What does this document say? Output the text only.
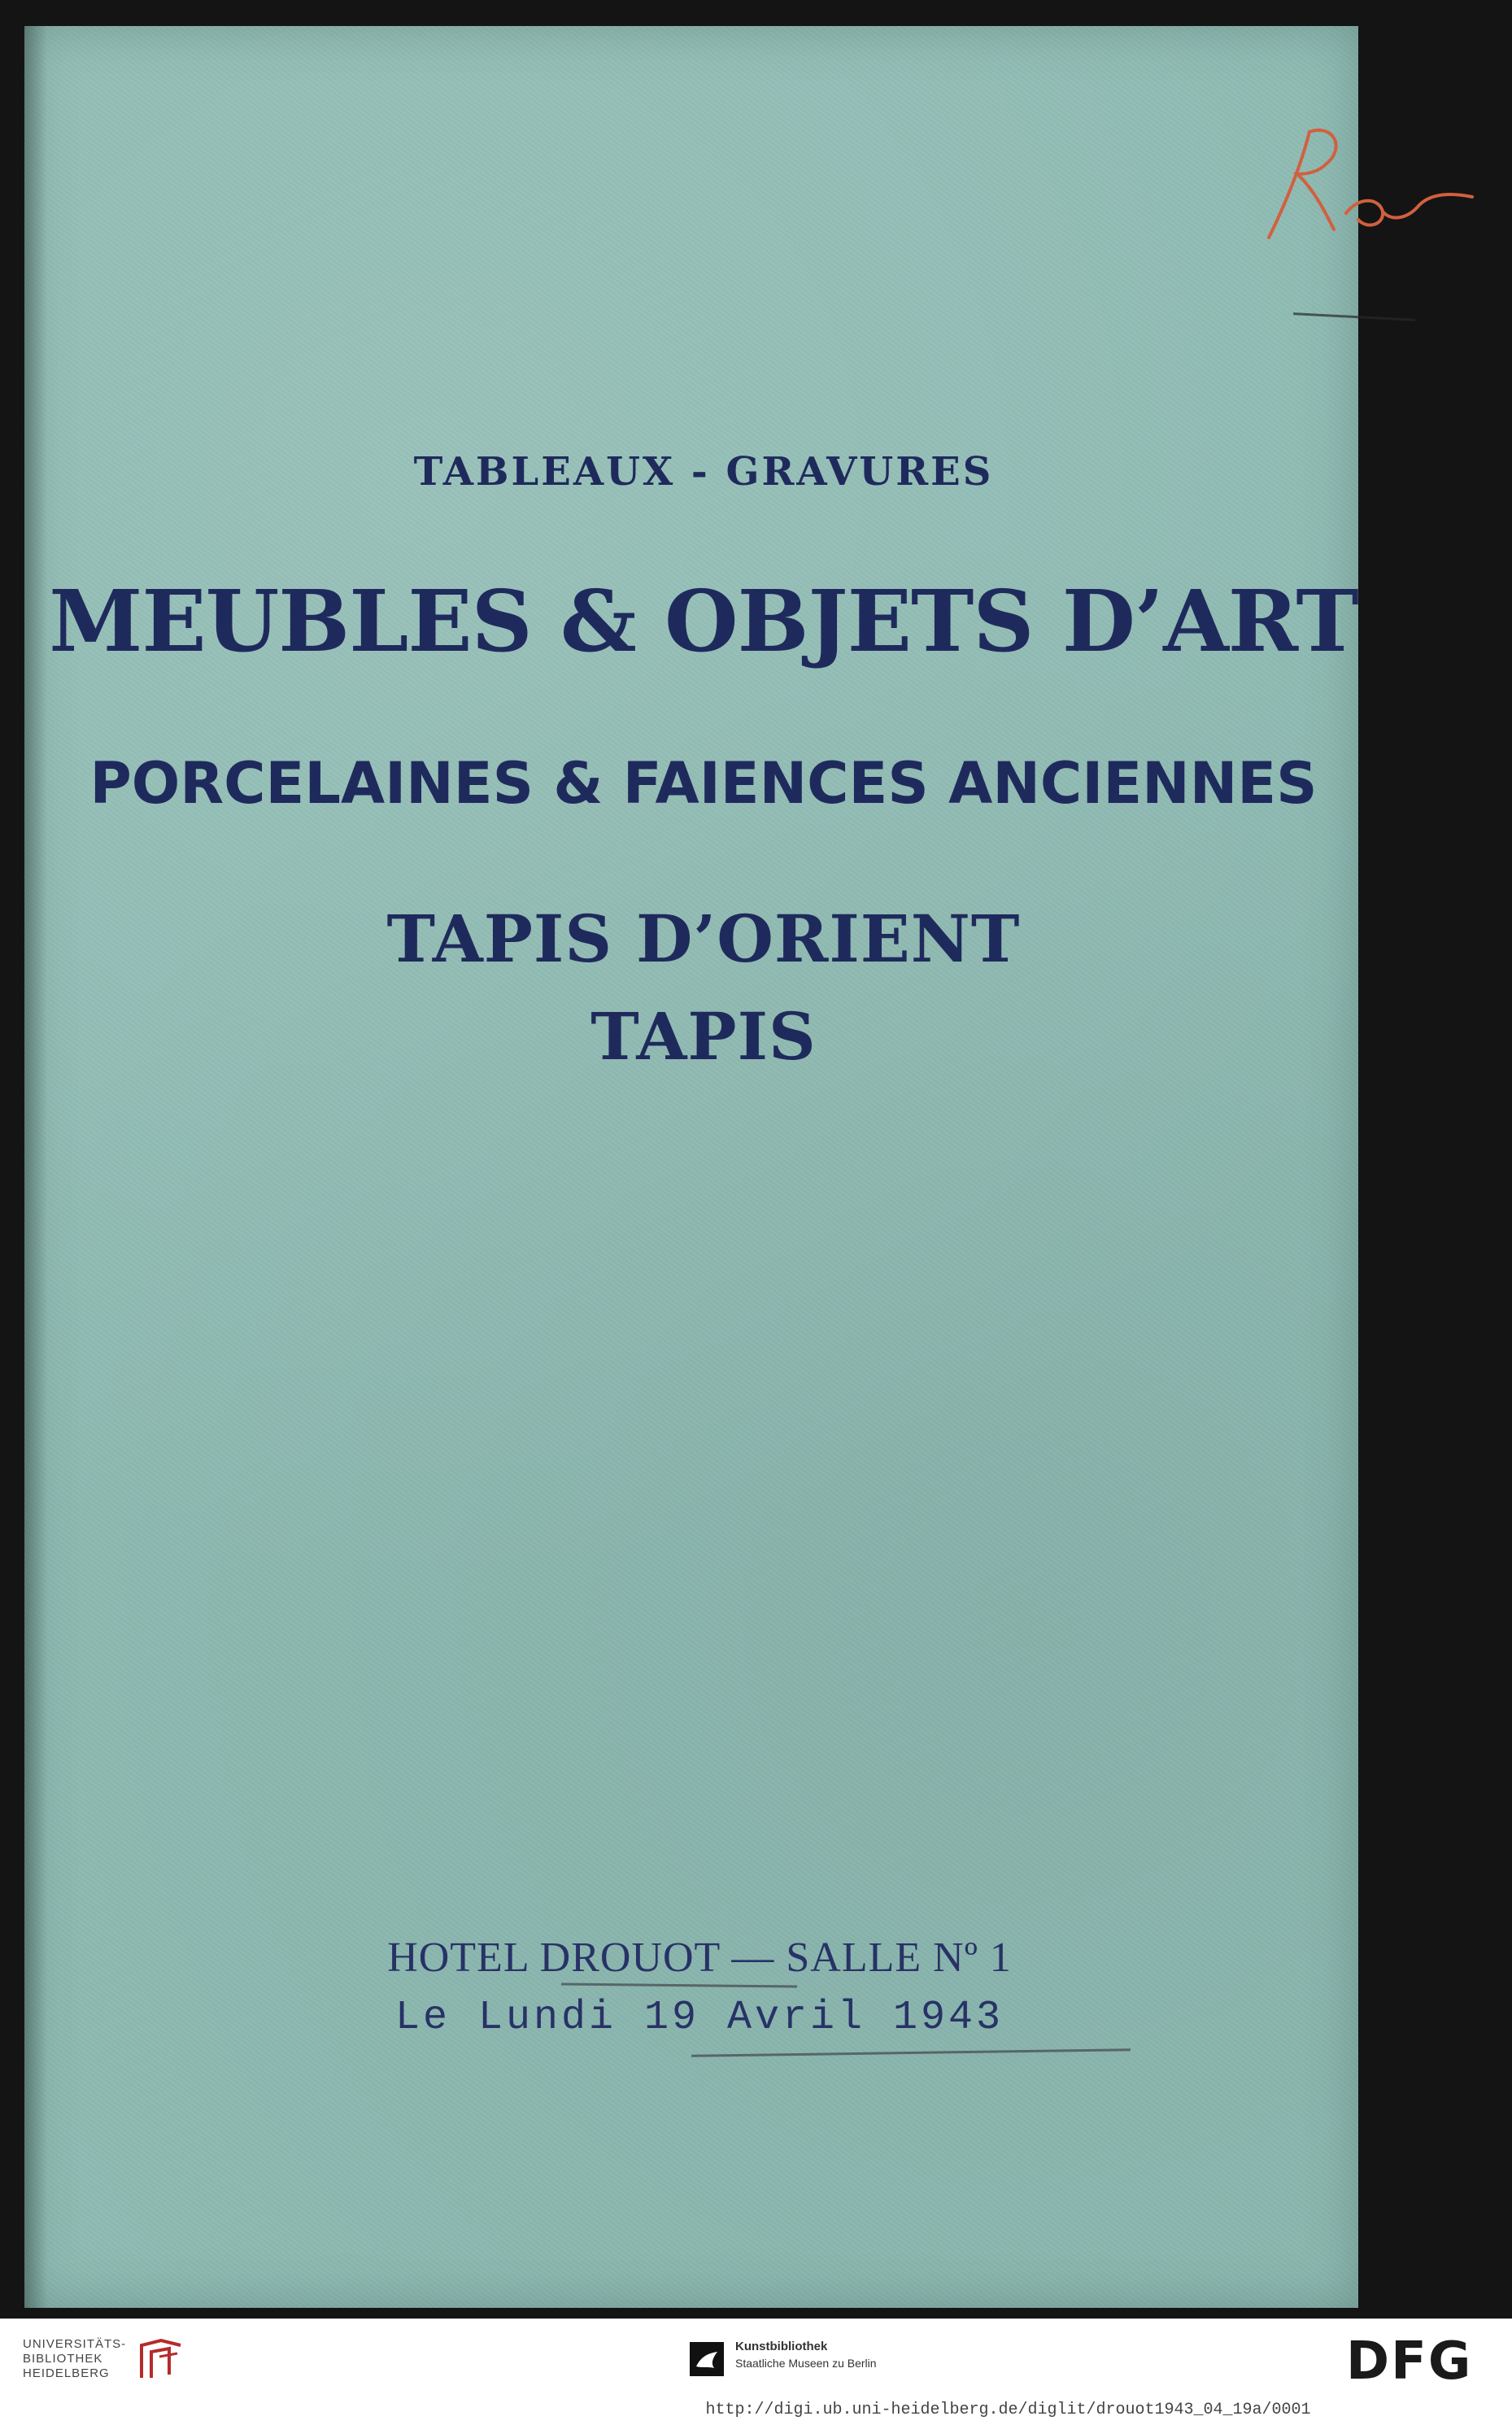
TABLEAUX - GRAVURES
MEUBLES & OBJETS D’ART
PORCELAINES & FAIENCES ANCIENNES
TAPIS D’ORIENT
TAPIS
HOTEL DROUOT — SALLE Nº 1
Le Lundi 19 Avril 1943
UNIVERSITÄTS-
BIBLIOTHEK
HEIDELBERG
Kunstbibliothek
Staatliche Museen zu Berlin	DFG
http://digi.ub.uni-heidelberg.de/diglit/drouot1943_04_19a/0001
